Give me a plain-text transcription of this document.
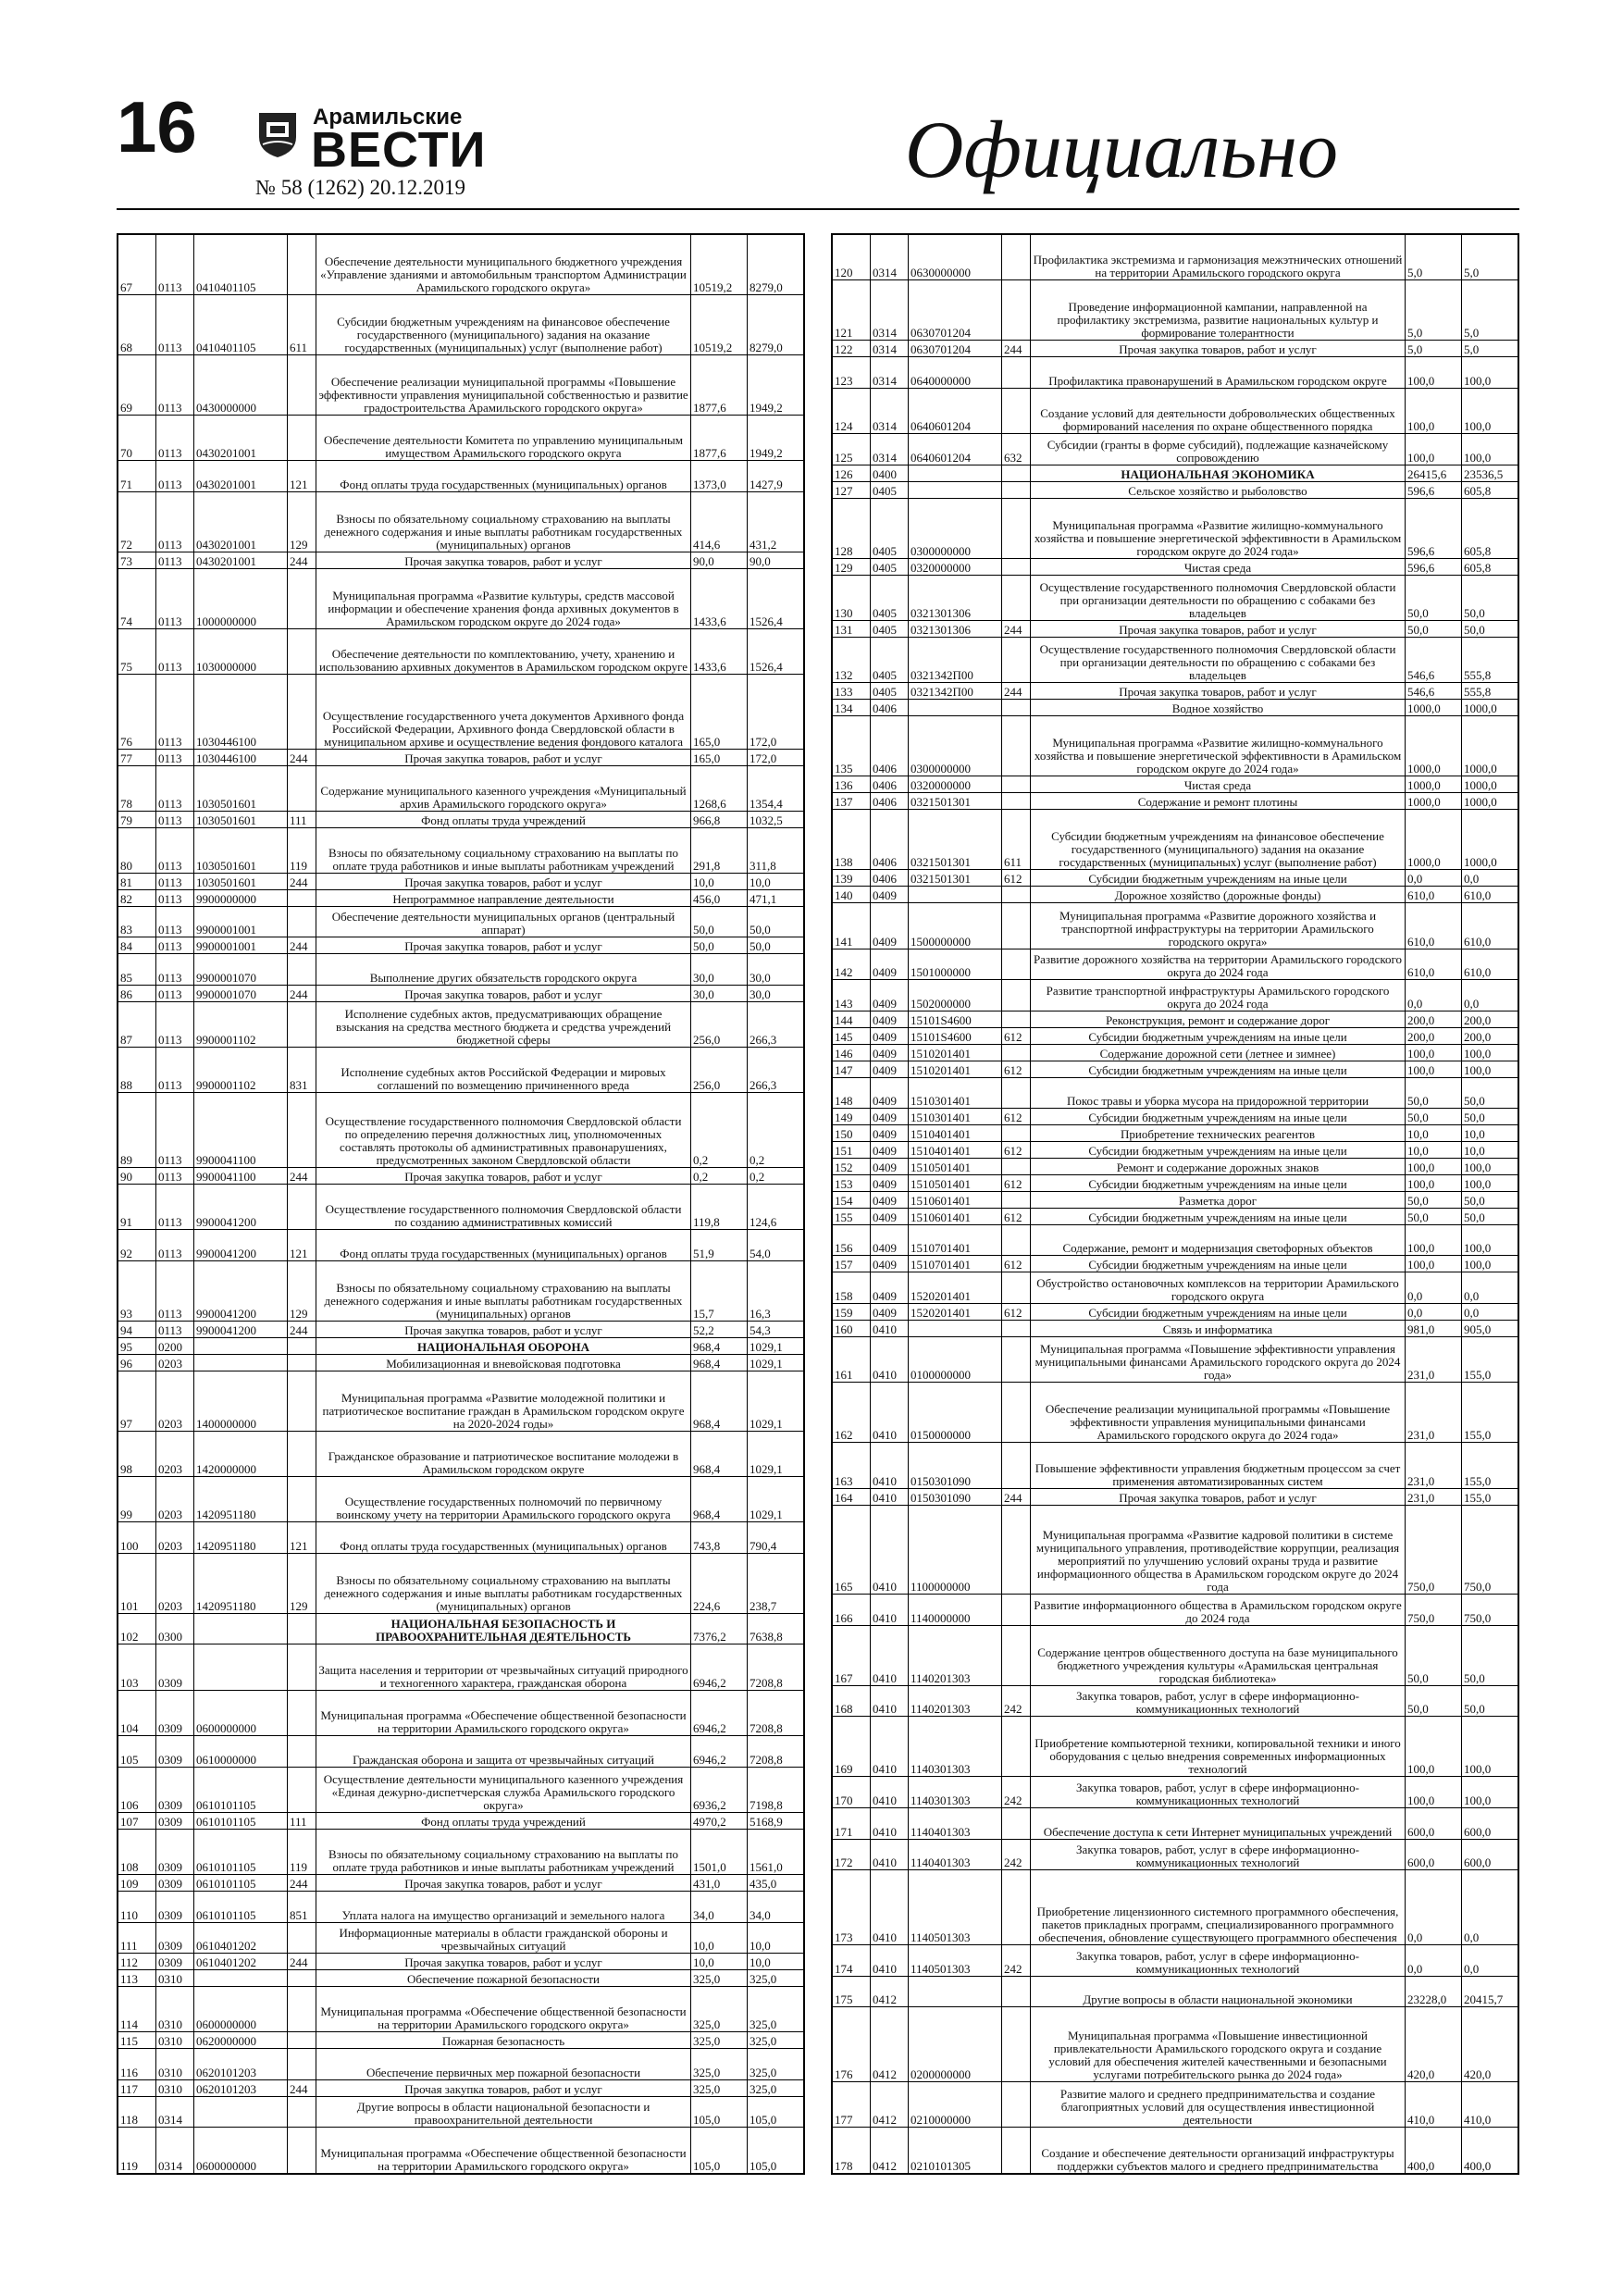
16	Арамильские
ВЕСТИ
№ 58 (1262) 20.12.2019	Официально
67	0113	0410401105		Обеспечение деятельности муниципального бюджетного учреждения «Управление зданиями и автомобильным транспортом Администрации Арамильского городского округа»	10519,2	8279,0
68	0113	0410401105	611	Субсидии бюджетным учреждениям на финансовое обеспечение государственного (муниципального) задания на оказание государственных (муниципальных) услуг (выполнение работ)	10519,2	8279,0
69	0113	0430000000		Обеспечение реализации муниципальной программы «Повышение эффективности управления муниципальной собственностью и развитие градостроительства Арамильского городского округа»	1877,6	1949,2
70	0113	0430201001		Обеспечение деятельности Комитета по управлению муниципальным имуществом Арамильского городского округа	1877,6	1949,2
71	0113	0430201001	121	Фонд оплаты труда государственных (муниципальных) органов	1373,0	1427,9
72	0113	0430201001	129	Взносы по обязательному социальному страхованию на выплаты денежного содержания и иные выплаты работникам государственных (муниципальных) органов	414,6	431,2
73	0113	0430201001	244	Прочая закупка товаров, работ и услуг	90,0	90,0
74	0113	1000000000		Муниципальная программа «Развитие культуры, средств массовой информации и обеспечение хранения фонда архивных документов в Арамильском городском округе до 2024 года»	1433,6	1526,4
75	0113	1030000000		Обеспечение деятельности по комплектованию, учету, хранению и использованию архивных документов в Арамильском городском округе	1433,6	1526,4
76	0113	1030446100		Осуществление государственного учета документов Архивного фонда Российской Федерации, Архивного фонда Свердловской области в муниципальном архиве и осуществление ведения фондового каталога	165,0	172,0
77	0113	1030446100	244	Прочая закупка товаров, работ и услуг	165,0	172,0
78	0113	1030501601		Содержание муниципального казенного учреждения «Муниципальный архив Арамильского городского округа»	1268,6	1354,4
79	0113	1030501601	111	Фонд оплаты труда учреждений	966,8	1032,5
80	0113	1030501601	119	Взносы по обязательному социальному страхованию на выплаты по оплате труда работников и иные выплаты работникам учреждений	291,8	311,8
81	0113	1030501601	244	Прочая закупка товаров, работ и услуг	10,0	10,0
82	0113	9900000000		Непрограммное направление деятельности	456,0	471,1
83	0113	9900001001		Обеспечение деятельности муниципальных органов (центральный аппарат)	50,0	50,0
84	0113	9900001001	244	Прочая закупка товаров, работ и услуг	50,0	50,0
85	0113	9900001070		Выполнение других обязательств городского округа	30,0	30,0
86	0113	9900001070	244	Прочая закупка товаров, работ и услуг	30,0	30,0
87	0113	9900001102		Исполнение судебных актов, предусматривающих обращение взыскания на средства местного бюджета и средства учреждений бюджетной сферы	256,0	266,3
88	0113	9900001102	831	Исполнение судебных актов Российской Федерации и мировых соглашений по возмещению причиненного вреда	256,0	266,3
89	0113	9900041100		Осуществление государственного полномочия Свердловской области по определению перечня должностных лиц, уполномоченных составлять протоколы об административных правонарушениях, предусмотренных законом Свердловской области	0,2	0,2
90	0113	9900041100	244	Прочая закупка товаров, работ и услуг	0,2	0,2
91	0113	9900041200		Осуществление государственного полномочия Свердловской области по созданию административных комиссий	119,8	124,6
92	0113	9900041200	121	Фонд оплаты труда государственных (муниципальных) органов	51,9	54,0
93	0113	9900041200	129	Взносы по обязательному социальному страхованию на выплаты денежного содержания и иные выплаты работникам государственных (муниципальных) органов	15,7	16,3
94	0113	9900041200	244	Прочая закупка товаров, работ и услуг	52,2	54,3
95	0200			НАЦИОНАЛЬНАЯ ОБОРОНА	968,4	1029,1
96	0203			Мобилизационная и вневойсковая подготовка	968,4	1029,1
97	0203	1400000000		Муниципальная программа «Развитие молодежной политики и патриотическое воспитание граждан в Арамильском городском округе на 2020-2024 годы»	968,4	1029,1
98	0203	1420000000		Гражданское образование и патриотическое воспитание молодежи в Арамильском городском округе	968,4	1029,1
99	0203	1420951180		Осуществление государственных полномочий по первичному воинскому учету на территории Арамильского городского округа	968,4	1029,1
100	0203	1420951180	121	Фонд оплаты труда государственных (муниципальных) органов	743,8	790,4
101	0203	1420951180	129	Взносы по обязательному социальному страхованию на выплаты денежного содержания и иные выплаты работникам государственных (муниципальных) органов	224,6	238,7
102	0300			НАЦИОНАЛЬНАЯ БЕЗОПАСНОСТЬ И ПРАВООХРАНИТЕЛЬНАЯ ДЕЯТЕЛЬНОСТЬ	7376,2	7638,8
103	0309			Защита населения и территории от чрезвычайных ситуаций природного и техногенного характера, гражданская оборона	6946,2	7208,8
104	0309	0600000000		Муниципальная программа «Обеспечение общественной безопасности на территории Арамильского городского округа»	6946,2	7208,8
105	0309	0610000000		Гражданская оборона и защита от чрезвычайных ситуаций	6946,2	7208,8
106	0309	0610101105		Осуществление деятельности муниципального казенного учреждения «Единая дежурно-диспетчерская служба Арамильского городского округа»	6936,2	7198,8
107	0309	0610101105	111	Фонд оплаты труда учреждений	4970,2	5168,9
108	0309	0610101105	119	Взносы по обязательному социальному страхованию на выплаты по оплате труда работников и иные выплаты работникам учреждений	1501,0	1561,0
109	0309	0610101105	244	Прочая закупка товаров, работ и услуг	431,0	435,0
110	0309	0610101105	851	Уплата налога на имущество организаций и земельного налога	34,0	34,0
111	0309	0610401202		Информационные материалы в области гражданской обороны и чрезвычайных ситуаций	10,0	10,0
112	0309	0610401202	244	Прочая закупка товаров, работ и услуг	10,0	10,0
113	0310			Обеспечение пожарной безопасности	325,0	325,0
114	0310	0600000000		Муниципальная программа «Обеспечение общественной безопасности на территории Арамильского городского округа»	325,0	325,0
115	0310	0620000000		Пожарная безопасность	325,0	325,0
116	0310	0620101203		Обеспечение первичных мер пожарной безопасности	325,0	325,0
117	0310	0620101203	244	Прочая закупка товаров, работ и услуг	325,0	325,0
118	0314			Другие вопросы в области национальной безопасности и правоохранительной деятельности	105,0	105,0
119	0314	0600000000		Муниципальная программа «Обеспечение общественной безопасности на территории Арамильского городского округа»	105,0	105,0
120	0314	0630000000		Профилактика экстремизма и гармонизация межэтнических отношений на территории Арамильского городского округа	5,0	5,0
121	0314	0630701204		Проведение информационной кампании, направленной на профилактику экстремизма, развитие национальных культур и формирование толерантности	5,0	5,0
122	0314	0630701204	244	Прочая закупка товаров, работ и услуг	5,0	5,0
123	0314	0640000000		Профилактика правонарушений в Арамильском городском округе	100,0	100,0
124	0314	0640601204		Создание условий для деятельности добровольческих общественных формирований населения по охране общественного порядка	100,0	100,0
125	0314	0640601204	632	Субсидии (гранты в форме субсидий), подлежащие казначейскому сопровождению	100,0	100,0
126	0400			НАЦИОНАЛЬНАЯ ЭКОНОМИКА	26415,6	23536,5
127	0405			Сельское хозяйство и рыболовство	596,6	605,8
128	0405	0300000000		Муниципальная программа «Развитие жилищно-коммунального хозяйства и повышение энергетической эффективности в Арамильском городском округе до 2024 года»	596,6	605,8
129	0405	0320000000		Чистая среда	596,6	605,8
130	0405	0321301306		Осуществление государственного полномочия Свердловской области при организации деятельности по обращению с собаками без владельцев	50,0	50,0
131	0405	0321301306	244	Прочая закупка товаров, работ и услуг	50,0	50,0
132	0405	0321342П00		Осуществление государственного полномочия Свердловской области при организации деятельности по обращению с собаками без владельцев	546,6	555,8
133	0405	0321342П00	244	Прочая закупка товаров, работ и услуг	546,6	555,8
134	0406			Водное хозяйство	1000,0	1000,0
135	0406	0300000000		Муниципальная программа «Развитие жилищно-коммунального хозяйства и повышение энергетической эффективности в Арамильском городском округе до 2024 года»	1000,0	1000,0
136	0406	0320000000		Чистая среда	1000,0	1000,0
137	0406	0321501301		Содержание и ремонт плотины	1000,0	1000,0
138	0406	0321501301	611	Субсидии бюджетным учреждениям на финансовое обеспечение государственного (муниципального) задания на оказание государственных (муниципальных) услуг (выполнение работ)	1000,0	1000,0
139	0406	0321501301	612	Субсидии бюджетным учреждениям на иные цели	0,0	0,0
140	0409			Дорожное хозяйство (дорожные фонды)	610,0	610,0
141	0409	1500000000		Муниципальная программа «Развитие дорожного хозяйства и транспортной инфраструктуры на территории Арамильского городского округа»	610,0	610,0
142	0409	1501000000		Развитие дорожного хозяйства на территории Арамильского городского округа до 2024 года	610,0	610,0
143	0409	1502000000		Развитие транспортной инфраструктуры Арамильского городского округа до 2024 года	0,0	0,0
144	0409	15101S4600		Реконструкция, ремонт и содержание дорог	200,0	200,0
145	0409	15101S4600	612	Субсидии бюджетным учреждениям на иные цели	200,0	200,0
146	0409	1510201401		Содержание дорожной сети (летнее и зимнее)	100,0	100,0
147	0409	1510201401	612	Субсидии бюджетным учреждениям на иные цели	100,0	100,0
148	0409	1510301401		Покос травы и уборка мусора на придорожной территории	50,0	50,0
149	0409	1510301401	612	Субсидии бюджетным учреждениям на иные цели	50,0	50,0
150	0409	1510401401		Приобретение технических реагентов	10,0	10,0
151	0409	1510401401	612	Субсидии бюджетным учреждениям на иные цели	10,0	10,0
152	0409	1510501401		Ремонт и содержание дорожных знаков	100,0	100,0
153	0409	1510501401	612	Субсидии бюджетным учреждениям на иные цели	100,0	100,0
154	0409	1510601401		Разметка дорог	50,0	50,0
155	0409	1510601401	612	Субсидии бюджетным учреждениям на иные цели	50,0	50,0
156	0409	1510701401		Содержание, ремонт и модернизация светофорных объектов	100,0	100,0
157	0409	1510701401	612	Субсидии бюджетным учреждениям на иные цели	100,0	100,0
158	0409	1520201401		Обустройство остановочных комплексов на территории Арамильского городского округа	0,0	0,0
159	0409	1520201401	612	Субсидии бюджетным учреждениям на иные цели	0,0	0,0
160	0410			Связь и информатика	981,0	905,0
161	0410	0100000000		Муниципальная программа «Повышение эффективности управления муниципальными финансами Арамильского городского округа до 2024 года»	231,0	155,0
162	0410	0150000000		Обеспечение реализации муниципальной программы «Повышение эффективности управления муниципальными финансами Арамильского городского округа до 2024 года»	231,0	155,0
163	0410	0150301090		Повышение эффективности управления бюджетным процессом за счет применения автоматизированных систем	231,0	155,0
164	0410	0150301090	244	Прочая закупка товаров, работ и услуг	231,0	155,0
165	0410	1100000000		Муниципальная программа «Развитие кадровой политики в системе муниципального управления, противодействие коррупции, реализация мероприятий по улучшению условий охраны труда и развитие информационного общества в Арамильском городском округе до 2024 года	750,0	750,0
166	0410	1140000000		Развитие информационного общества в Арамильском городском округе до 2024 года	750,0	750,0
167	0410	1140201303		Содержание центров общественного доступа на базе муниципального бюджетного учреждения культуры «Арамильская центральная городская библиотека»	50,0	50,0
168	0410	1140201303	242	Закупка товаров, работ, услуг в сфере информационно-коммуникационных технологий	50,0	50,0
169	0410	1140301303		Приобретение компьютерной техники, копировальной техники и иного оборудования с целью внедрения современных информационных технологий	100,0	100,0
170	0410	1140301303	242	Закупка товаров, работ, услуг в сфере информационно-коммуникационных технологий	100,0	100,0
171	0410	1140401303		Обеспечение доступа к сети Интернет муниципальных учреждений	600,0	600,0
172	0410	1140401303	242	Закупка товаров, работ, услуг в сфере информационно-коммуникационных технологий	600,0	600,0
173	0410	1140501303		Приобретение лицензионного системного программного обеспечения, пакетов прикладных программ, специализированного программного обеспечения, обновление существующего программного обеспечения	0,0	0,0
174	0410	1140501303	242	Закупка товаров, работ, услуг в сфере информационно-коммуникационных технологий	0,0	0,0
175	0412			Другие вопросы в области национальной экономики	23228,0	20415,7
176	0412	0200000000		Муниципальная программа «Повышение инвестиционной привлекательности Арамильского городского округа и создание условий для обеспечения жителей качественными и безопасными услугами потребительского рынка до 2024 года»	420,0	420,0
177	0412	0210000000		Развитие малого и среднего предпринимательства и создание благоприятных условий для осуществления инвестиционной деятельности	410,0	410,0
178	0412	0210101305		Создание и обеспечение деятельности организаций инфраструктуры поддержки субъектов малого и среднего предпринимательства	400,0	400,0
